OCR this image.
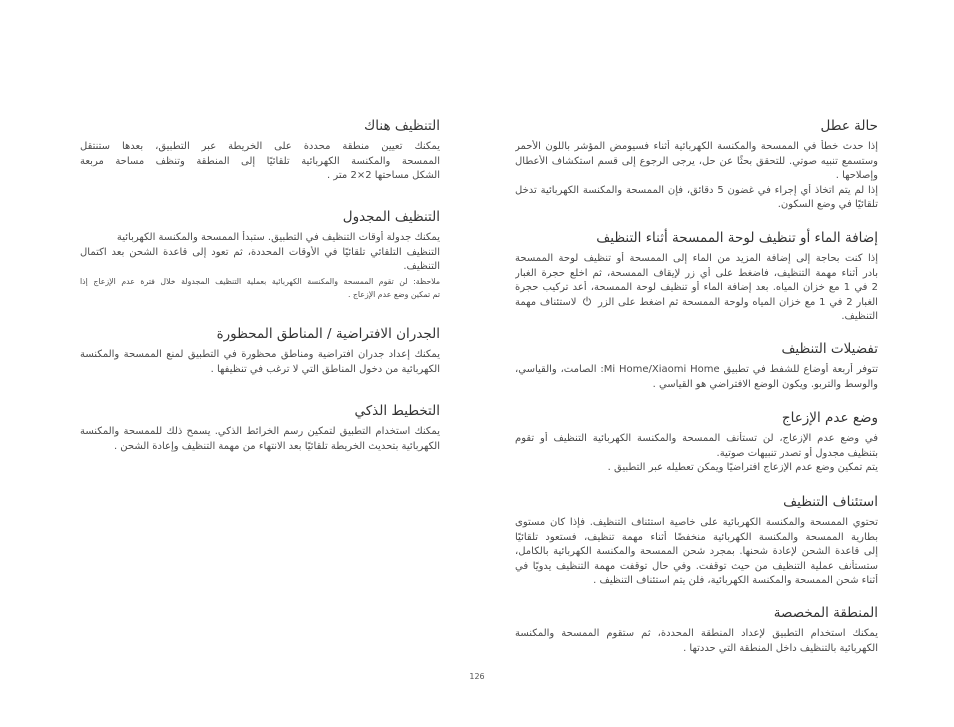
حالة عطل
إذا حدث خطأ في الممسحة والمكنسة الكهربائية أثناء فسيومض المؤشر باللون الأحمر
وستسمع تنبيه صوتي. للتحقق بحثًا عن حل، يرجى الرجوع إلى قسم استكشاف الأعطال
وإصلاحها .
إذا لم يتم اتخاذ أي إجراء في غضون 5 دقائق، فإن الممسحة والمكنسة الكهربائية تدخل
تلقائيًا في وضع السكون.
إضافة الماء أو تنظيف لوحة الممسحة أثناء التنظيف
إذا كنت بحاجة إلى إضافة المزيد من الماء إلى الممسحة أو تنظيف لوحة الممسحة
بادر أثناء مهمة التنظيف، فاضغط على أي زر لإيقاف الممسحة، ثم اخلع حجرة الغبار
2 في 1 مع خزان المياه. بعد إضافة الماء أو تنظيف لوحة الممسحة، أعد تركيب حجرة
الغبار 2 في 1 مع خزان المياه ولوحة الممسحة ثم اضغط على الزر
لاستئناف مهمة
التنظيف.
تفضيلات التنظيف
تتوفر أربعة أوضاع للشفط في تطبيق Mi Home/Xiaomi Home: الصامت، والقياسي،
والوسط والتربو. ويكون الوضع الافتراضي هو القياسي .
وضع عدم الإزعاج
في وضع عدم الإزعاج، لن تستأنف الممسحة والمكنسة الكهربائية التنظيف أو تقوم
بتنظيف مجدول أو تصدر تنبيهات صوتية.
يتم تمكين وضع عدم الإزعاج افتراضيًا ويمكن تعطيله عبر التطبيق .
استئناف التنظيف
تحتوي الممسحة والمكنسة الكهربائية على خاصية استئناف التنظيف. فإذا كان مستوى
بطارية الممسحة والمكنسة الكهربائية منخفضًا أثناء مهمة تنظيف، فستعود تلقائيًا
إلى قاعدة الشحن لإعادة شحنها. بمجرد شحن الممسحة والمكنسة الكهربائية بالكامل،
ستستأنف عملية التنظيف من حيث توقفت. وفي حال توقفت مهمة التنظيف يدويًا في
أثناء شحن الممسحة والمكنسة الكهربائية، فلن يتم استئناف التنظيف .
المنطقة المخصصة
يمكنك استخدام التطبيق لإعداد المنطقة المحددة، ثم ستقوم الممسحة والمكنسة
الكهربائية بالتنظيف داخل المنطقة التي حددتها .
التنظيف هناك
يمكنك تعيين منطقة محددة على الخريطة عبر التطبيق، بعدها ستنتقل
الممسحة والمكنسة الكهربائية تلقائيًا إلى المنطقة وتنظف مساحة مربعة
الشكل مساحتها 2×2 متر .
التنظيف المجدول
يمكنك جدولة أوقات التنظيف في التطبيق. ستبدأ الممسحة والمكنسة الكهربائية
التنظيف التلقائي تلقائيًا في الأوقات المحددة، ثم تعود إلى قاعدة الشحن بعد اكتمال
التنظيف.
ملاحظة: لن تقوم الممسحة والمكنسة الكهربائية بعملية التنظيف المجدولة خلال فترة عدم الإزعاج إذا
تم تمكين وضع عدم الإزعاج .
الجدران الافتراضية / المناطق المحظورة
يمكنك إعداد جدران افتراضية ومناطق محظورة في التطبيق لمنع الممسحة والمكنسة
الكهربائية من دخول المناطق التي لا ترغب في تنظيفها .
التخطيط الذكي
يمكنك استخدام التطبيق لتمكين رسم الخرائط الذكي. يسمح ذلك للممسحة والمكنسة
الكهربائية بتحديث الخريطة تلقائيًا بعد الانتهاء من مهمة التنظيف وإعادة الشحن .
126
